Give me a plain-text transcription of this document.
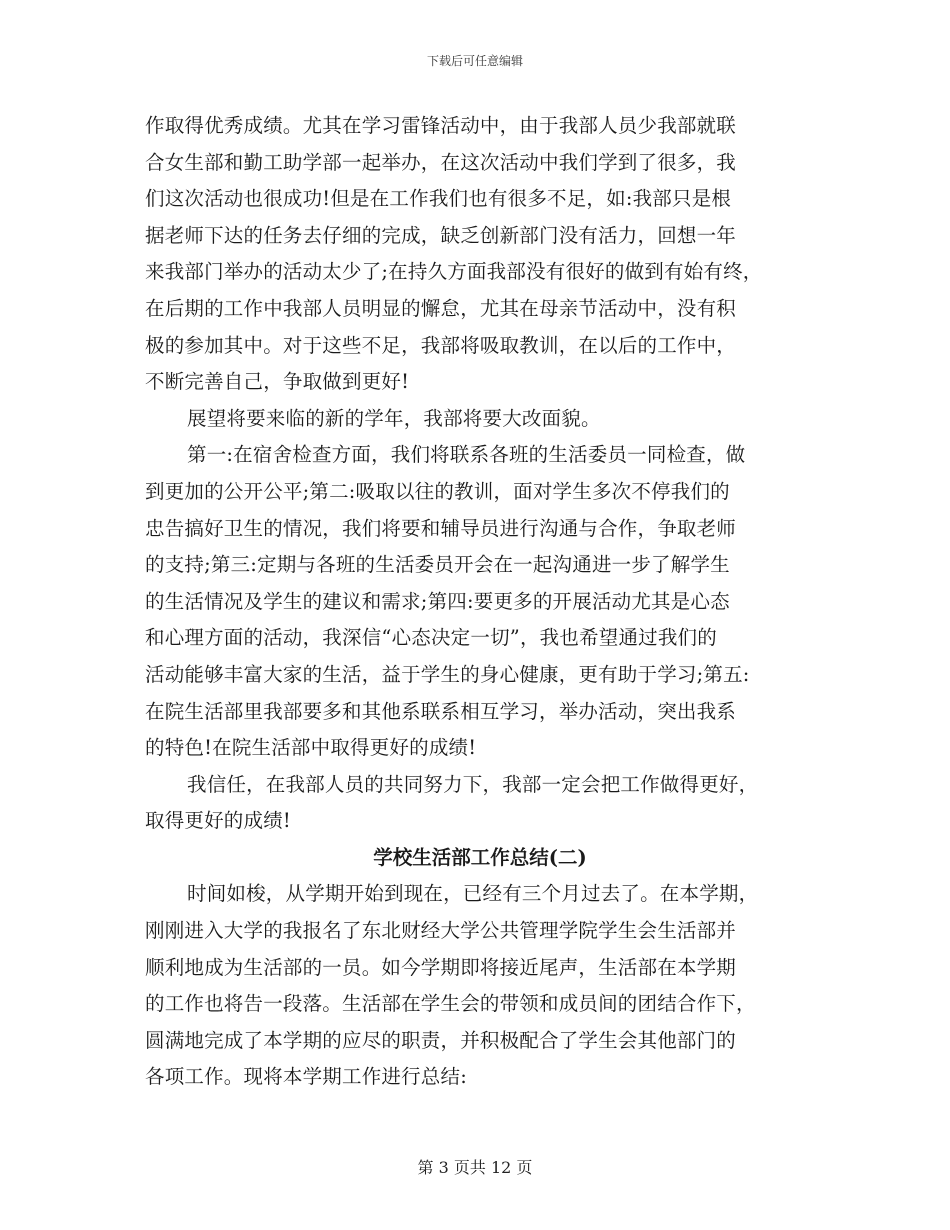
下载后可任意编辑
作取得优秀成绩。尤其在学习雷锋活动中，由于我部人员少我部就联
合女生部和勤工助学部一起举办，在这次活动中我们学到了很多，我
们这次活动也很成功!但是在工作我们也有很多不足，如:我部只是根
据老师下达的任务去仔细的完成，缺乏创新部门没有活力，回想一年
来我部门举办的活动太少了;在持久方面我部没有很好的做到有始有终，
在后期的工作中我部人员明显的懈怠，尤其在母亲节活动中，没有积
极的参加其中。对于这些不足，我部将吸取教训，在以后的工作中，
不断完善自己，争取做到更好!
展望将要来临的新的学年，我部将要大改面貌。
第一:在宿舍检查方面，我们将联系各班的生活委员一同检查，做
到更加的公开公平;第二:吸取以往的教训，面对学生多次不停我们的
忠告搞好卫生的情况，我们将要和辅导员进行沟通与合作，争取老师
的支持;第三:定期与各班的生活委员开会在一起沟通进一步了解学生
的生活情况及学生的建议和需求;第四:要更多的开展活动尤其是心态
和心理方面的活动，我深信“心态决定一切”，我也希望通过我们的
活动能够丰富大家的生活，益于学生的身心健康，更有助于学习;第五:
在院生活部里我部要多和其他系联系相互学习，举办活动，突出我系
的特色!在院生活部中取得更好的成绩!
我信任，在我部人员的共同努力下，我部一定会把工作做得更好，
取得更好的成绩!
学校生活部工作总结(二)
时间如梭，从学期开始到现在，已经有三个月过去了。在本学期，
刚刚进入大学的我报名了东北财经大学公共管理学院学生会生活部并
顺利地成为生活部的一员。如今学期即将接近尾声，生活部在本学期
的工作也将告一段落。生活部在学生会的带领和成员间的团结合作下，
圆满地完成了本学期的应尽的职责，并积极配合了学生会其他部门的
各项工作。现将本学期工作进行总结:
第 3 页共 12 页
